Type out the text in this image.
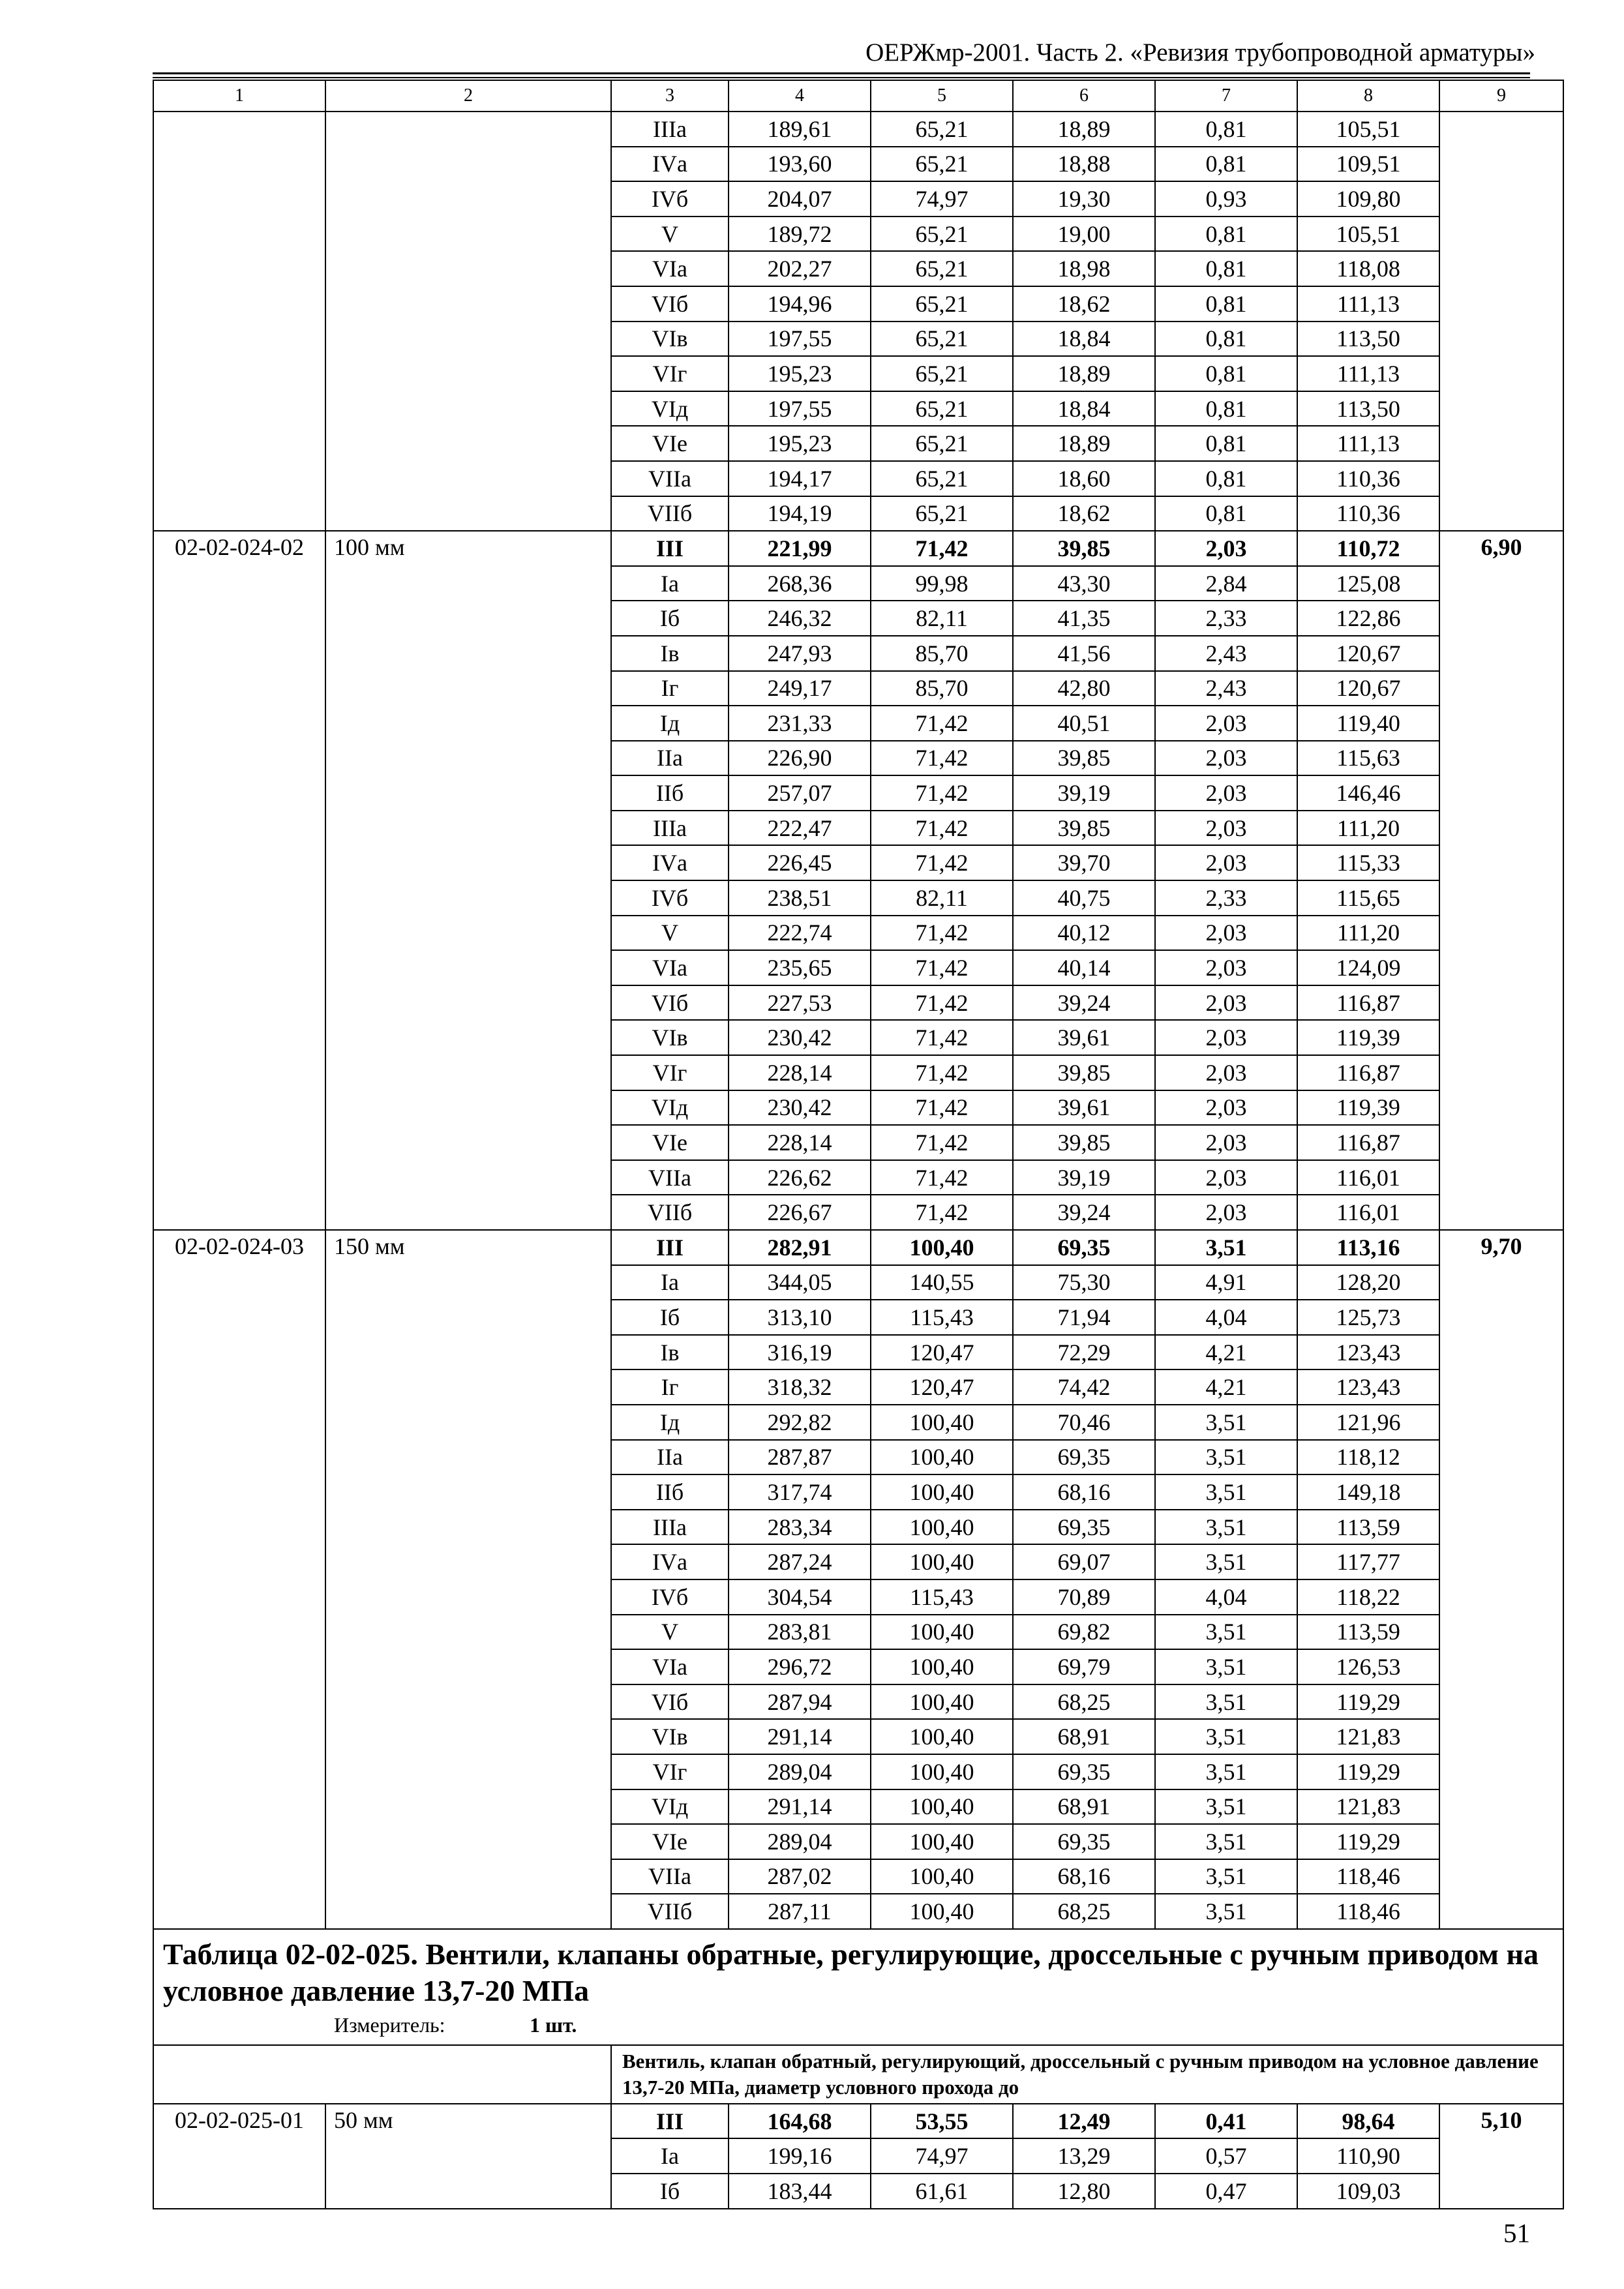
ОЕРЖмр-2001. Часть 2. «Ревизия трубопроводной арматуры»
1	2	3	4	5	6	7	8	9
		IIIа	189,61	65,21	18,89	0,81	105,51	
		IVа	193,60	65,21	18,88	0,81	109,51	
		IVб	204,07	74,97	19,30	0,93	109,80	
		V	189,72	65,21	19,00	0,81	105,51	
		VIа	202,27	65,21	18,98	0,81	118,08	
		VIб	194,96	65,21	18,62	0,81	111,13	
		VIв	197,55	65,21	18,84	0,81	113,50	
		VIг	195,23	65,21	18,89	0,81	111,13	
		VIд	197,55	65,21	18,84	0,81	113,50	
		VIе	195,23	65,21	18,89	0,81	111,13	
		VIIа	194,17	65,21	18,60	0,81	110,36	
		VIIб	194,19	65,21	18,62	0,81	110,36	
02-02-024-02	100 мм	III	221,99	71,42	39,85	2,03	110,72	6,90
		Iа	268,36	99,98	43,30	2,84	125,08	
		Iб	246,32	82,11	41,35	2,33	122,86	
		Iв	247,93	85,70	41,56	2,43	120,67	
		Iг	249,17	85,70	42,80	2,43	120,67	
		Iд	231,33	71,42	40,51	2,03	119,40	
		IIа	226,90	71,42	39,85	2,03	115,63	
		IIб	257,07	71,42	39,19	2,03	146,46	
		IIIа	222,47	71,42	39,85	2,03	111,20	
		IVа	226,45	71,42	39,70	2,03	115,33	
		IVб	238,51	82,11	40,75	2,33	115,65	
		V	222,74	71,42	40,12	2,03	111,20	
		VIа	235,65	71,42	40,14	2,03	124,09	
		VIб	227,53	71,42	39,24	2,03	116,87	
		VIв	230,42	71,42	39,61	2,03	119,39	
		VIг	228,14	71,42	39,85	2,03	116,87	
		VIд	230,42	71,42	39,61	2,03	119,39	
		VIе	228,14	71,42	39,85	2,03	116,87	
		VIIа	226,62	71,42	39,19	2,03	116,01	
		VIIб	226,67	71,42	39,24	2,03	116,01	
02-02-024-03	150 мм	III	282,91	100,40	69,35	3,51	113,16	9,70
		Iа	344,05	140,55	75,30	4,91	128,20	
		Iб	313,10	115,43	71,94	4,04	125,73	
		Iв	316,19	120,47	72,29	4,21	123,43	
		Iг	318,32	120,47	74,42	4,21	123,43	
		Iд	292,82	100,40	70,46	3,51	121,96	
		IIа	287,87	100,40	69,35	3,51	118,12	
		IIб	317,74	100,40	68,16	3,51	149,18	
		IIIа	283,34	100,40	69,35	3,51	113,59	
		IVа	287,24	100,40	69,07	3,51	117,77	
		IVб	304,54	115,43	70,89	4,04	118,22	
		V	283,81	100,40	69,82	3,51	113,59	
		VIа	296,72	100,40	69,79	3,51	126,53	
		VIб	287,94	100,40	68,25	3,51	119,29	
		VIв	291,14	100,40	68,91	3,51	121,83	
		VIг	289,04	100,40	69,35	3,51	119,29	
		VIд	291,14	100,40	68,91	3,51	121,83	
		VIе	289,04	100,40	69,35	3,51	119,29	
		VIIа	287,02	100,40	68,16	3,51	118,46	
		VIIб	287,11	100,40	68,25	3,51	118,46	

Таблица 02-02-025. Вентили, клапаны обратные, регулирующие, дроссельные с ручным приводом на условное давление 13,7-20 МПа
Измеритель: 1 шт.								

		Вентиль, клапан обратный, регулирующий, дроссельный с ручным приводом на условное давление 13,7-20 МПа, диаметр условного прохода до						
02-02-025-01	50 мм	III	164,68	53,55	12,49	0,41	98,64	5,10
		Iа	199,16	74,97	13,29	0,57	110,90	
		Iб	183,44	61,61	12,80	0,47	109,03	
51
